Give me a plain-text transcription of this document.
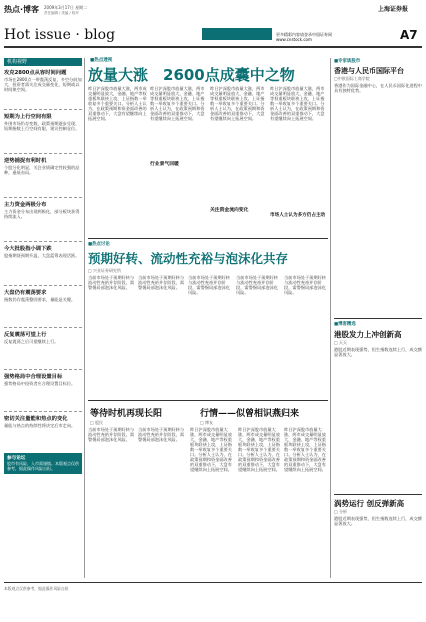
热点·博客 2009年3月17日 星期二
责任编辑 / 美编 / 校对
Hot issue · blog	更多精彩内容请登录中国证券网
www.cnstock.com	A7
上海证券报
机构视野
攻克2800点从容时间问题
市场在2800点一带震荡反复，多空分歧加大，投资者需关注成交量变化，短期或以时间换空间。
短期为上行空间有限
外围市场仍存变数，政策预期逐步兑现，短期指数上行空间有限，建议控制仓位。
逆势捕捉有利时机
个股分化明显，关注业绩确定性较强的品种，逢低布局。
主力资金两极分布
主力资金分布出现两极化，部分板块获得持续流入。
今大批股指小调下跌
股指期货预期升温，大盘蓝筹表现活跃。
大盘仍有震荡要求
指数仍存震荡整固要求，量能是关键。
反复震荡可望上行
反复震荡之后可望继续上行。
强势格局中合理设置目标
强势格局中投资者应合理设置目标位。
密切关注量能和热点的变化
量能与热点的持续性将决定后市走向。
参与论坛
股市有风险，入市需谨慎。本版观点仅供参考，据此操作风险自担。
■热点透视
放量大涨　2600点成囊中之物
昨日沪深股市放量大涨，两市成交量明显放大，金融、地产等权重板块联袂上攻，上证指数一举收复多个重要关口。分析人士认为，在政策预期和资金面改善的双重推动下，大盘有望继续向上拓展空间。
昨日沪深股市放量大涨，两市成交量明显放大，金融、地产等权重板块联袂上攻，上证指数一举收复多个重要关口。分析人士认为，在政策预期和资金面改善的双重推动下，大盘有望继续向上拓展空间。
行业景气回暖
昨日沪深股市放量大涨，两市成交量明显放大，金融、地产等权重板块联袂上攻，上证指数一举收复多个重要关口。分析人士认为，在政策预期和资金面改善的双重推动下，大盘有望继续向上拓展空间。
关注资金流向变化
昨日沪深股市放量大涨，两市成交量明显放大，金融、地产等权重板块联袂上攻，上证指数一举收复多个重要关口。分析人士认为，在政策预期和资金面改善的双重推动下，大盘有望继续向上拓展空间。
市场人士认为多方仍占主动
■专家谈股市
香港与人民币国际平台
□中欧国际工商学院
香港作为国际金融中心，在人民币国际化进程中具有独特优势。
■热点讨论
预期好转、流动性充裕与泡沫化共存
□ 兴业证券研究所
当前市场处于预期好转与流动性充裕并存阶段，需警惕局部泡沫化风险。
当前市场处于预期好转与流动性充裕并存阶段，需警惕局部泡沫化风险。
当前市场处于预期好转与流动性充裕并存阶段，需警惕局部泡沫化风险。
当前市场处于预期好转与流动性充裕并存阶段，需警惕局部泡沫化风险。
当前市场处于预期好转与流动性充裕并存阶段，需警惕局部泡沫化风险。
■博客精选
港股发力上冲创新高
□ 天天
港股近期表现强势，恒生指数连续上行，成交额显著放大。
等待时机再现长阳
□ 股民
当前市场处于预期好转与流动性充裕并存阶段，需警惕局部泡沫化风险。
当前市场处于预期好转与流动性充裕并存阶段，需警惕局部泡沫化风险。
行情——似曾相识燕归来
□ 博友
昨日沪深股市放量大涨，两市成交量明显放大，金融、地产等权重板块联袂上攻，上证指数一举收复多个重要关口。分析人士认为，在政策预期和资金面改善的双重推动下，大盘有望继续向上拓展空间。
昨日沪深股市放量大涨，两市成交量明显放大，金融、地产等权重板块联袂上攻，上证指数一举收复多个重要关口。分析人士认为，在政策预期和资金面改善的双重推动下，大盘有望继续向上拓展空间。
昨日沪深股市放量大涨，两市成交量明显放大，金融、地产等权重板块联袂上攻，上证指数一举收复多个重要关口。分析人士认为，在政策预期和资金面改善的双重推动下，大盘有望继续向上拓展空间。
涡势运行 创反弹新高
□ 分析
港股近期表现强势，恒生指数连续上行，成交额显著放大。
本版观点仅供参考，据此操作风险自担
